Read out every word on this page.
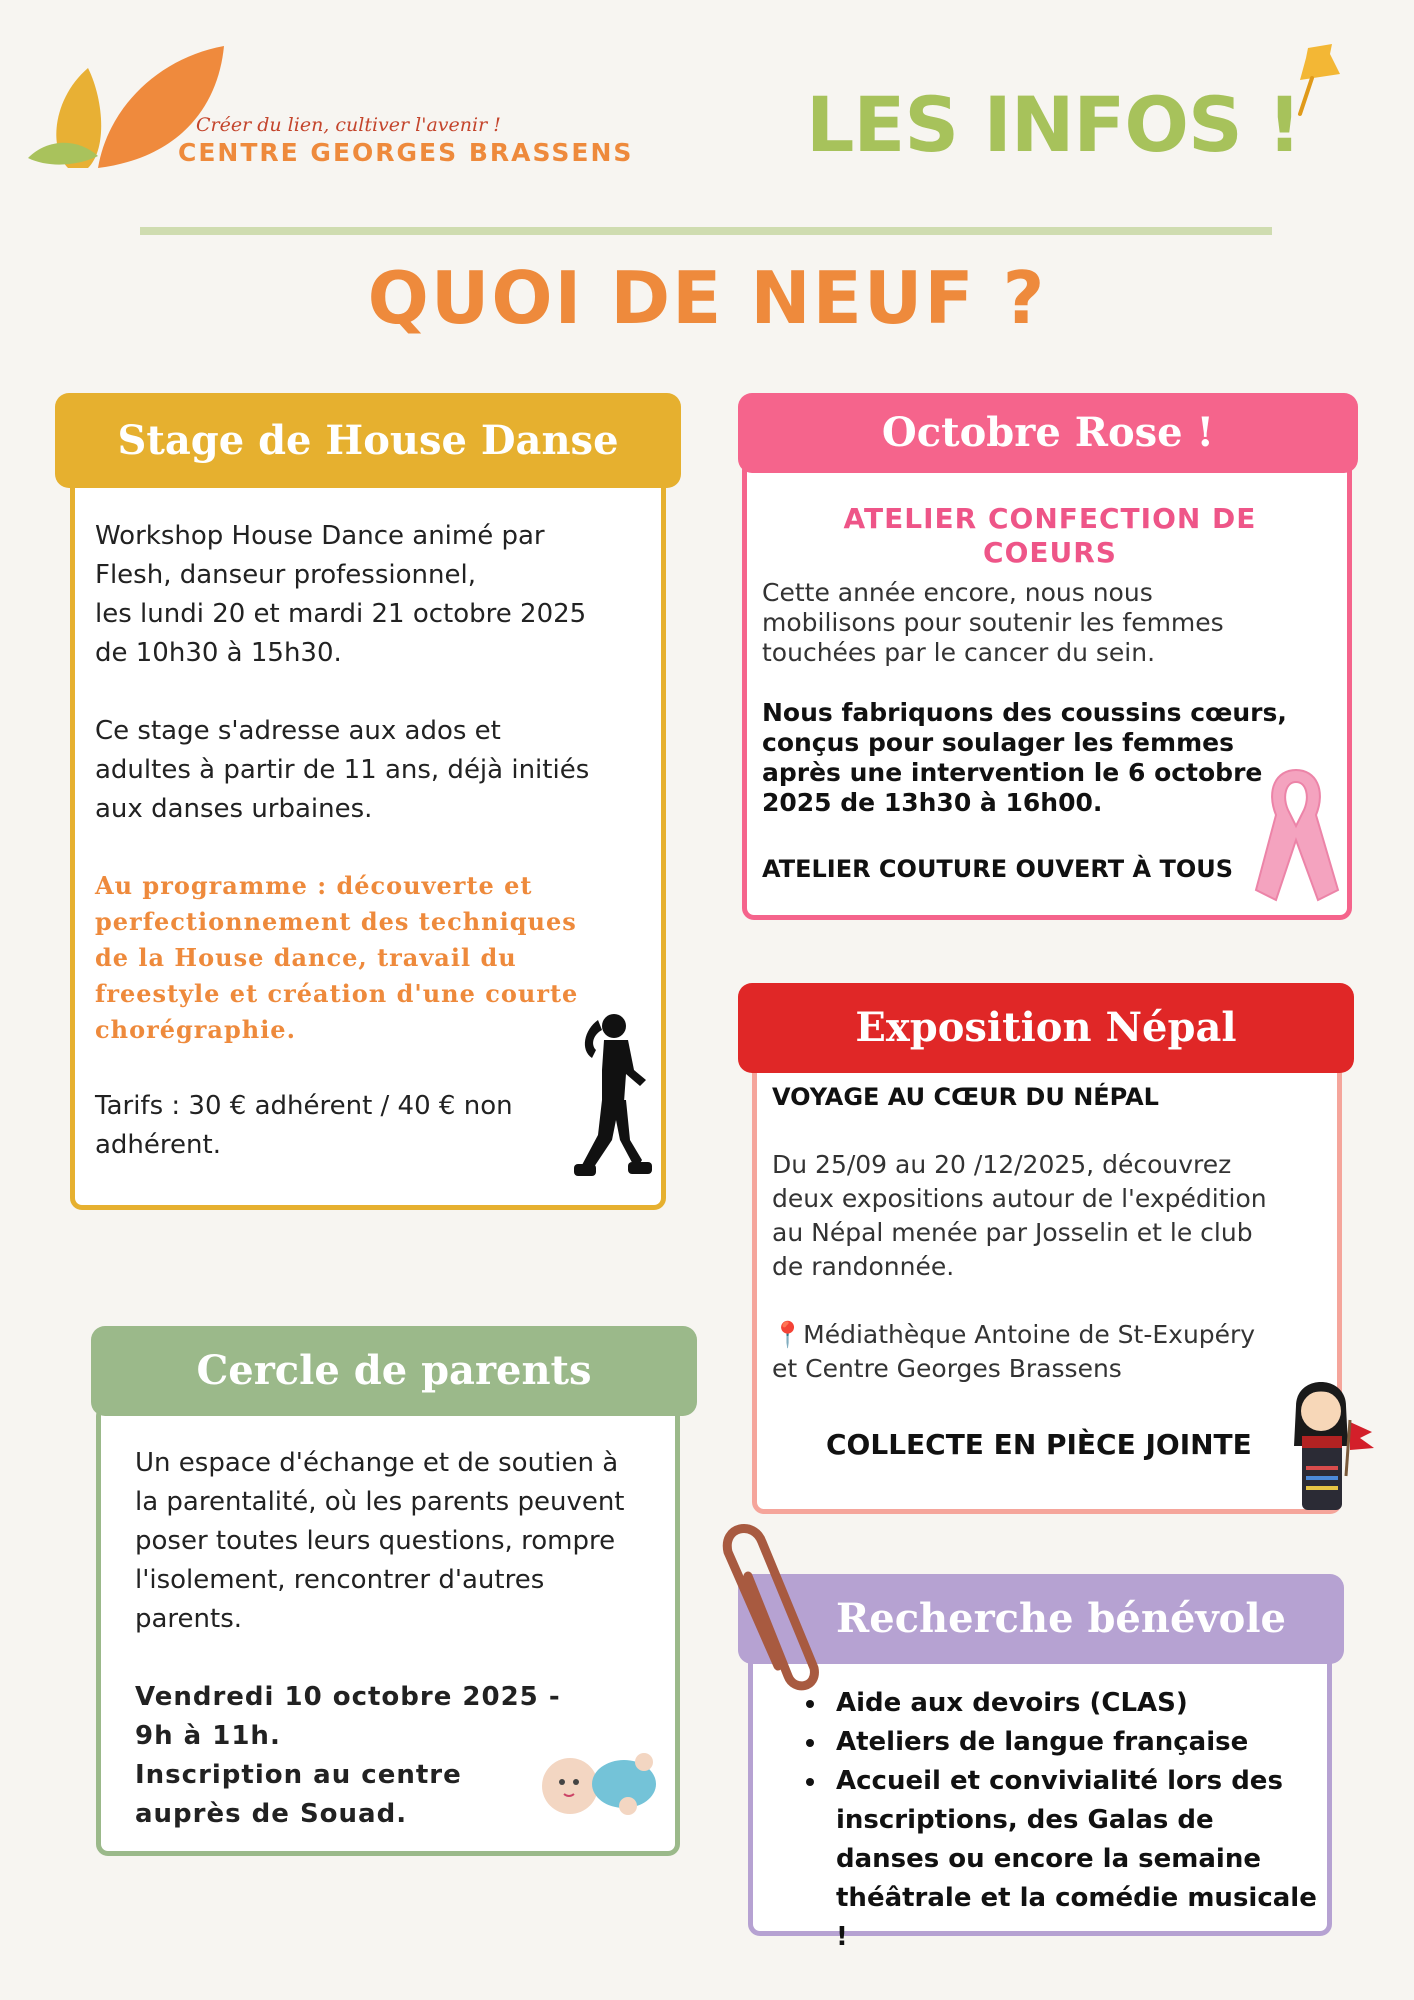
Créer du lien, cultiver l'avenir !
CENTRE GEORGES BRASSENS LES INFOS !
QUOI DE NEUF ?
Stage de House Danse
Workshop House Dance animé par
Flesh, danseur professionnel,
les lundi 20 et mardi 21 octobre 2025
de 10h30 à 15h30.
Ce stage s'adresse aux ados et
adultes à partir de 11 ans, déjà initiés
aux danses urbaines.
Au programme : découverte et
perfectionnement des techniques
de la House dance, travail du
freestyle et création d'une courte
chorégraphie.
Tarifs : 30 € adhérent / 40 € non
adhérent.
Octobre Rose !
ATELIER CONFECTION DE COEURS
Cette année encore, nous nous
mobilisons pour soutenir les femmes
touchées par le cancer du sein.
Nous fabriquons des coussins cœurs,
conçus pour soulager les femmes
après une intervention le 6 octobre
2025 de 13h30 à 16h00.
ATELIER COUTURE OUVERT À TOUS
Exposition Népal
VOYAGE AU CŒUR DU NÉPAL
Du 25/09 au 20 /12/2025, découvrez
deux expositions autour de l'expédition
au Népal menée par Josselin et le club
de randonnée.
📍Médiathèque Antoine de St-Exupéry
et Centre Georges Brassens
COLLECTE EN PIÈCE JOINTE
Cercle de parents
Un espace d'échange et de soutien à
la parentalité, où les parents peuvent
poser toutes leurs questions, rompre
l'isolement, rencontrer d'autres
parents.
Vendredi 10 octobre 2025 -
9h à 11h.
Inscription au centre
auprès de Souad.
Recherche bénévole
• Aide aux devoirs (CLAS)
• Ateliers de langue française
• Accueil et convivialité lors des inscriptions, des Galas de danses ou encore la semaine théâtrale et la comédie musicale !
